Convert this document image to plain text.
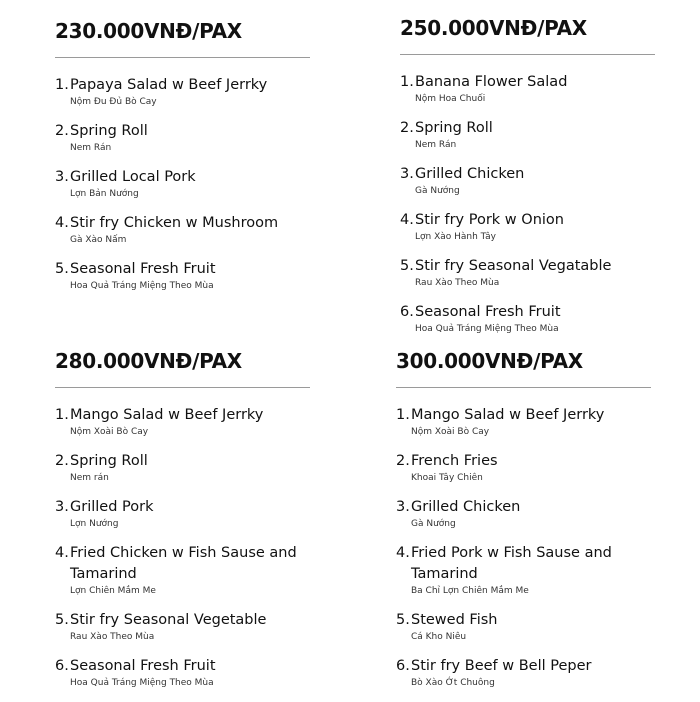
230.000VNĐ/PAX
1. Papaya Salad w Beef Jerrky
Nộm Đu Đủ Bò Cay
2. Spring Roll
Nem Rán
3. Grilled Local Pork
Lợn Bản Nướng
4. Stir fry Chicken w Mushroom
Gà Xào Nấm
5. Seasonal Fresh Fruit
Hoa Quả Tráng Miệng Theo Mùa
250.000VNĐ/PAX
1. Banana Flower Salad
Nộm Hoa Chuối
2. Spring Roll
Nem Rán
3. Grilled Chicken
Gà Nướng
4. Stir fry Pork w Onion
Lợn Xào Hành Tây
5. Stir fry Seasonal Vegatable
Rau Xào Theo Mùa
6. Seasonal Fresh Fruit
Hoa Quả Tráng Miệng Theo Mùa
280.000VNĐ/PAX
1. Mango Salad w Beef Jerrky
Nộm Xoài Bò Cay
2. Spring Roll
Nem rán
3. Grilled Pork
Lợn Nướng
4. Fried Chicken w Fish Sause and Tamarind
Lợn Chiên Mắm Me
5. Stir fry Seasonal Vegetable
Rau Xào Theo Mùa
6. Seasonal Fresh Fruit
Hoa Quả Tráng Miệng Theo Mùa
300.000VNĐ/PAX
1. Mango Salad w Beef Jerrky
Nộm Xoài Bò Cay
2. French Fries
Khoai Tây Chiên
3. Grilled Chicken
Gà Nướng
4. Fried Pork w Fish Sause and Tamarind
Ba Chỉ Lợn Chiên Mắm Me
5. Stewed Fish
Cá Kho Niêu
6. Stir fry Beef w Bell Peper
Bò Xào Ớt Chuông
